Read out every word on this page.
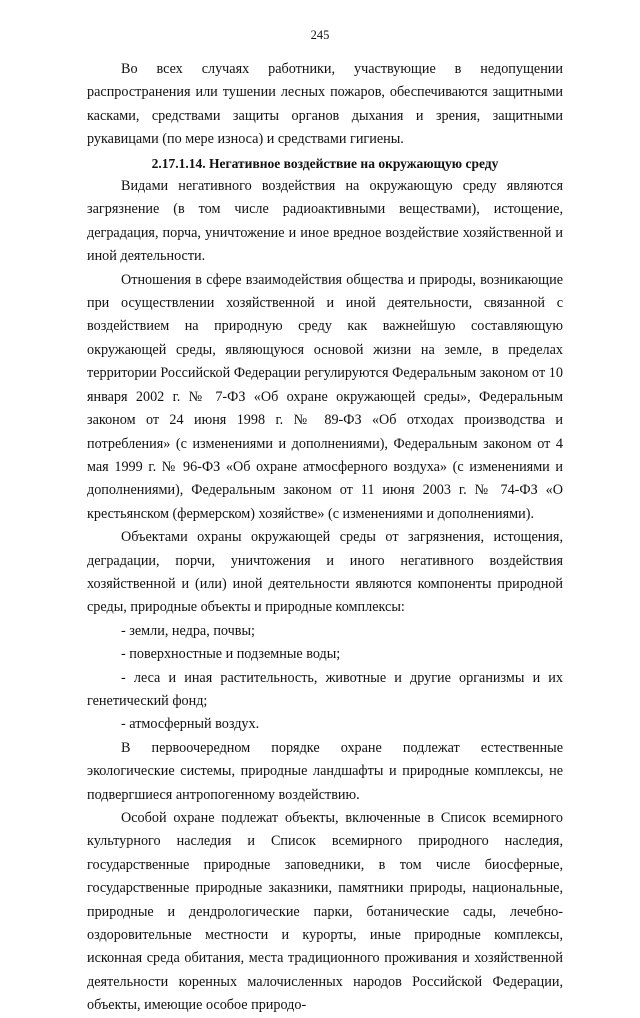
245

Во всех случаях работники, участвующие в недопущении распространения или тушении лесных пожаров, обеспечиваются защитными касками, средствами защиты органов дыхания и зрения, защитными рукавицами (по мере износа) и средствами гигиены.

2.17.1.14. Негативное воздействие на окружающую среду

Видами негативного воздействия на окружающую среду являются загрязнение (в том числе радиоактивными веществами), истощение, деградация, порча, уничтожение и иное вредное воздействие хозяйственной и иной деятельности.

Отношения в сфере взаимодействия общества и природы, возникающие при осуществлении хозяйственной и иной деятельности, связанной с воздействием на природную среду как важнейшую составляющую окружающей среды, являющуюся основой жизни на земле, в пределах территории Российской Федерации регулируются Федеральным законом от 10 января 2002 г. № 7-ФЗ «Об охране окружающей среды», Федеральным законом от 24 июня 1998 г. № 89-ФЗ «Об отходах производства и потребления» (с изменениями и дополнениями), Федеральным законом от 4 мая 1999 г. № 96-ФЗ «Об охране атмосферного воздуха» (с изменениями и дополнениями), Федеральным законом от 11 июня 2003 г. № 74-ФЗ «О крестьянском (фермерском) хозяйстве» (с изменениями и дополнениями).

Объектами охраны окружающей среды от загрязнения, истощения, деградации, порчи, уничтожения и иного негативного воздействия хозяйственной и (или) иной деятельности являются компоненты природной среды, природные объекты и природные комплексы:

- земли, недра, почвы;

- поверхностные и подземные воды;

- леса и иная растительность, животные и другие организмы и их генетический фонд;

- атмосферный воздух.

В первоочередном порядке охране подлежат естественные экологические системы, природные ландшафты и природные комплексы, не подвергшиеся антропогенному воздействию.

Особой охране подлежат объекты, включенные в Список всемирного культурного наследия и Список всемирного природного наследия, государственные природные заповедники, в том числе биосферные, государственные природные заказники, памятники природы, национальные, природные и дендрологические парки, ботанические сады, лечебно-оздоровительные местности и курорты, иные природные комплексы, исконная среда обитания, места традиционного проживания и хозяйственной деятельности коренных малочисленных народов Российской Федерации, объекты, имеющие особое природо-
